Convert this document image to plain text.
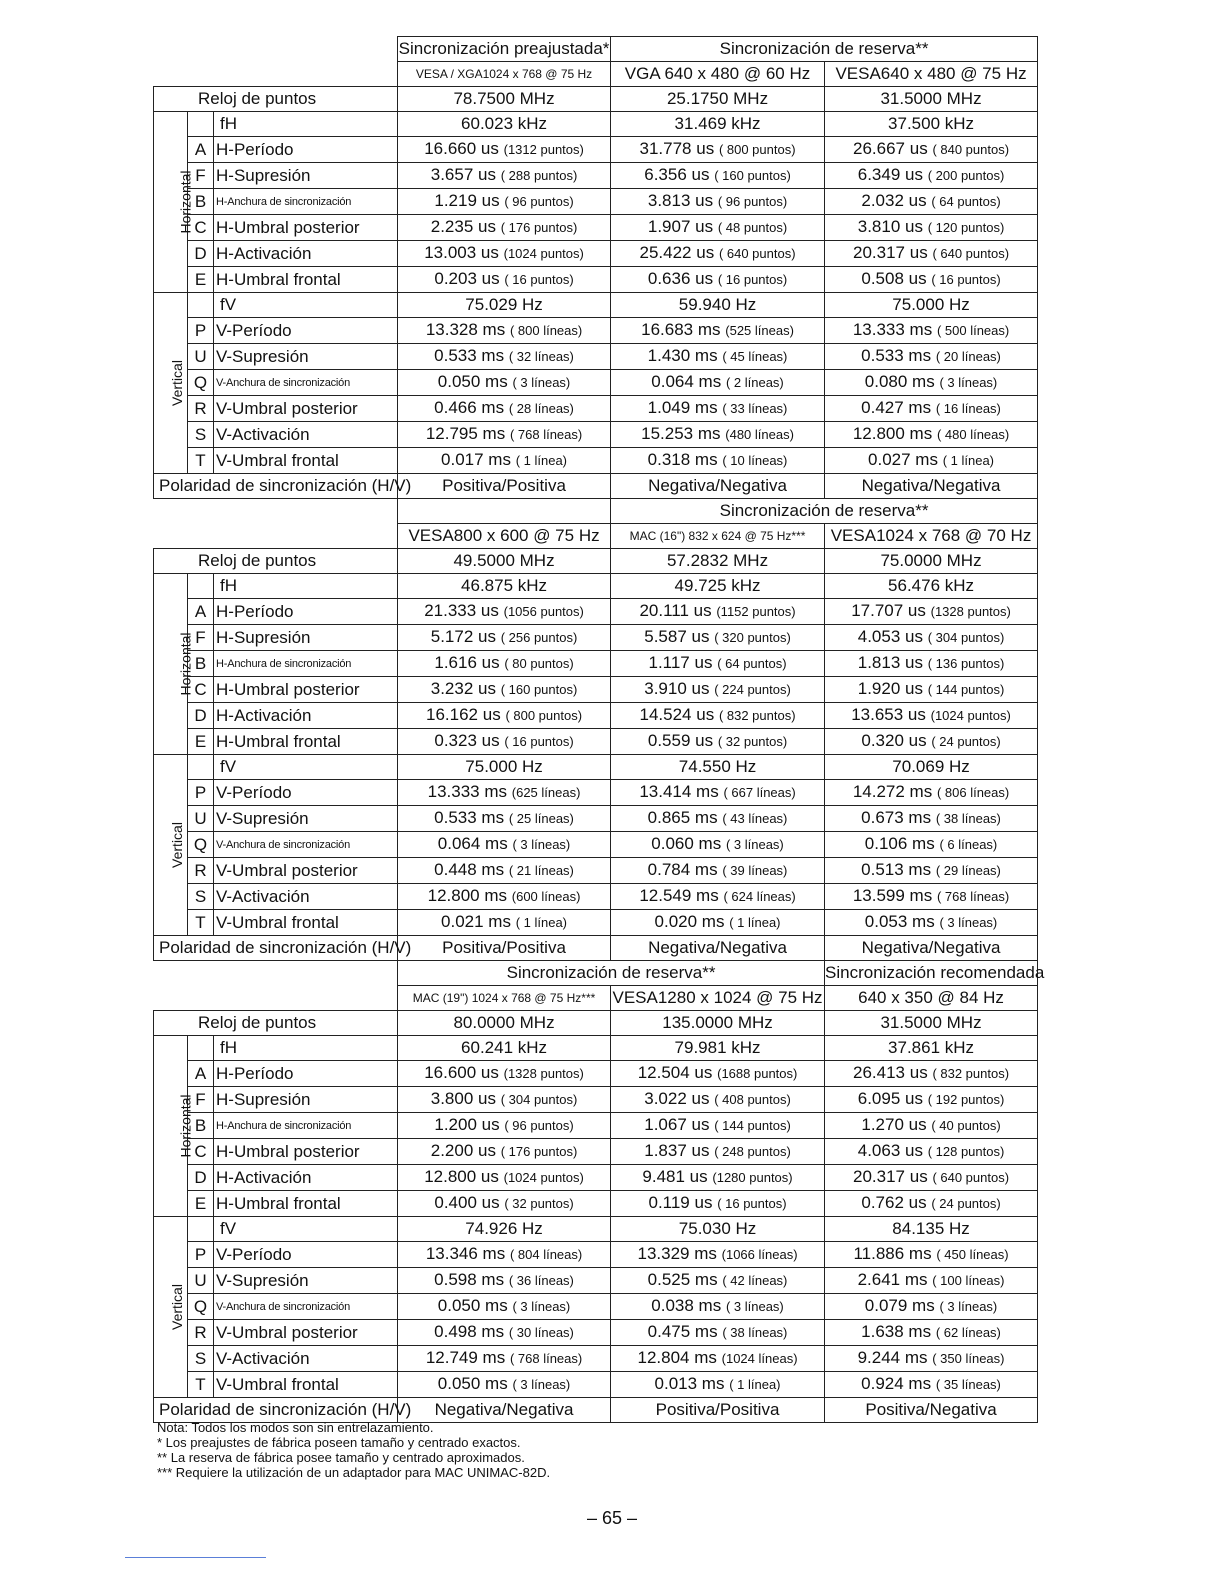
			Sincronización preajustada*	Sincronización de reserva**	
			VESA / XGA1024 x 768 @ 75 Hz	VGA 640 x 480 @ 60 Hz	VESA640 x 480 @ 75 Hz
Reloj de puntos			78.7500 MHz	25.1750 MHz	31.5000 MHz
Horizontal		fH	60.023 kHz	31.469 kHz	37.500 kHz
	A	H-Período	16.660 us (1312 puntos)	31.778 us ( 800 puntos)	26.667 us ( 840 puntos)
	F	H-Supresión	3.657 us ( 288 puntos)	6.356 us ( 160 puntos)	6.349 us ( 200 puntos)
	B	H-Anchura de sincronización	1.219 us ( 96 puntos)	3.813 us ( 96 puntos)	2.032 us ( 64 puntos)
	C	H-Umbral posterior	2.235 us ( 176 puntos)	1.907 us ( 48 puntos)	3.810 us ( 120 puntos)
	D	H-Activación	13.003 us (1024 puntos)	25.422 us ( 640 puntos)	20.317 us ( 640 puntos)
	E	H-Umbral frontal	0.203 us ( 16 puntos)	0.636 us ( 16 puntos)	0.508 us ( 16 puntos)
Vertical		fV	75.029 Hz	59.940 Hz	75.000 Hz
	P	V-Período	13.328 ms ( 800 líneas)	16.683 ms (525 líneas)	13.333 ms ( 500 líneas)
	U	V-Supresión	0.533 ms ( 32 líneas)	1.430 ms ( 45 líneas)	0.533 ms ( 20 líneas)
	Q	V-Anchura de sincronización	0.050 ms ( 3 líneas)	0.064 ms ( 2 líneas)	0.080 ms ( 3 líneas)
	R	V-Umbral posterior	0.466 ms ( 28 líneas)	1.049 ms ( 33 líneas)	0.427 ms ( 16 líneas)
	S	V-Activación	12.795 ms ( 768 líneas)	15.253 ms (480 líneas)	12.800 ms ( 480 líneas)
	T	V-Umbral frontal	0.017 ms ( 1 línea)	0.318 ms ( 10 líneas)	0.027 ms ( 1 línea)
Polaridad de sincronización (H/V)			Positiva/Positiva	Negativa/Negativa	Negativa/Negativa
				Sincronización de reserva**	
			VESA800 x 600 @ 75 Hz	MAC (16") 832 x 624 @ 75 Hz***	VESA1024 x 768 @ 70 Hz
Reloj de puntos			49.5000 MHz	57.2832 MHz	75.0000 MHz
Horizontal		fH	46.875 kHz	49.725 kHz	56.476 kHz
	A	H-Período	21.333 us (1056 puntos)	20.111 us (1152 puntos)	17.707 us (1328 puntos)
	F	H-Supresión	5.172 us ( 256 puntos)	5.587 us ( 320 puntos)	4.053 us ( 304 puntos)
	B	H-Anchura de sincronización	1.616 us ( 80 puntos)	1.117 us ( 64 puntos)	1.813 us ( 136 puntos)
	C	H-Umbral posterior	3.232 us ( 160 puntos)	3.910 us ( 224 puntos)	1.920 us ( 144 puntos)
	D	H-Activación	16.162 us ( 800 puntos)	14.524 us ( 832 puntos)	13.653 us (1024 puntos)
	E	H-Umbral frontal	0.323 us ( 16 puntos)	0.559 us ( 32 puntos)	0.320 us ( 24 puntos)
Vertical		fV	75.000 Hz	74.550 Hz	70.069 Hz
	P	V-Período	13.333 ms (625 líneas)	13.414 ms ( 667 líneas)	14.272 ms ( 806 líneas)
	U	V-Supresión	0.533 ms ( 25 líneas)	0.865 ms ( 43 líneas)	0.673 ms ( 38 líneas)
	Q	V-Anchura de sincronización	0.064 ms ( 3 líneas)	0.060 ms ( 3 líneas)	0.106 ms ( 6 líneas)
	R	V-Umbral posterior	0.448 ms ( 21 líneas)	0.784 ms ( 39 líneas)	0.513 ms ( 29 líneas)
	S	V-Activación	12.800 ms (600 líneas)	12.549 ms ( 624 líneas)	13.599 ms ( 768 líneas)
	T	V-Umbral frontal	0.021 ms ( 1 línea)	0.020 ms ( 1 línea)	0.053 ms ( 3 líneas)
Polaridad de sincronización (H/V)			Positiva/Positiva	Negativa/Negativa	Negativa/Negativa
			Sincronización de reserva**		Sincronización recomendada
			MAC (19") 1024 x 768 @ 75 Hz***	VESA1280 x 1024 @ 75 Hz	640 x 350 @ 84 Hz
Reloj de puntos			80.0000 MHz	135.0000 MHz	31.5000 MHz
Horizontal		fH	60.241 kHz	79.981 kHz	37.861 kHz
	A	H-Período	16.600 us (1328 puntos)	12.504 us (1688 puntos)	26.413 us ( 832 puntos)
	F	H-Supresión	3.800 us ( 304 puntos)	3.022 us ( 408 puntos)	6.095 us ( 192 puntos)
	B	H-Anchura de sincronización	1.200 us ( 96 puntos)	1.067 us ( 144 puntos)	1.270 us ( 40 puntos)
	C	H-Umbral posterior	2.200 us ( 176 puntos)	1.837 us ( 248 puntos)	4.063 us ( 128 puntos)
	D	H-Activación	12.800 us (1024 puntos)	9.481 us (1280 puntos)	20.317 us ( 640 puntos)
	E	H-Umbral frontal	0.400 us ( 32 puntos)	0.119 us ( 16 puntos)	0.762 us ( 24 puntos)
Vertical		fV	74.926 Hz	75.030 Hz	84.135 Hz
	P	V-Período	13.346 ms ( 804 líneas)	13.329 ms (1066 líneas)	11.886 ms ( 450 líneas)
	U	V-Supresión	0.598 ms ( 36 líneas)	0.525 ms ( 42 líneas)	2.641 ms ( 100 líneas)
	Q	V-Anchura de sincronización	0.050 ms ( 3 líneas)	0.038 ms ( 3 líneas)	0.079 ms ( 3 líneas)
	R	V-Umbral posterior	0.498 ms ( 30 líneas)	0.475 ms ( 38 líneas)	1.638 ms ( 62 líneas)
	S	V-Activación	12.749 ms ( 768 líneas)	12.804 ms (1024 líneas)	9.244 ms ( 350 líneas)
	T	V-Umbral frontal	0.050 ms ( 3 líneas)	0.013 ms ( 1 línea)	0.924 ms ( 35 líneas)
Polaridad de sincronización (H/V)			Negativa/Negativa	Positiva/Positiva	Positiva/Negativa
Nota: Todos los modos son sin entrelazamiento.
* Los preajustes de fábrica poseen tamaño y centrado exactos.
** La reserva de fábrica posee tamaño y centrado aproximados.
*** Requiere la utilización de un adaptador para MAC UNIMAC-82D.
– 65 –
